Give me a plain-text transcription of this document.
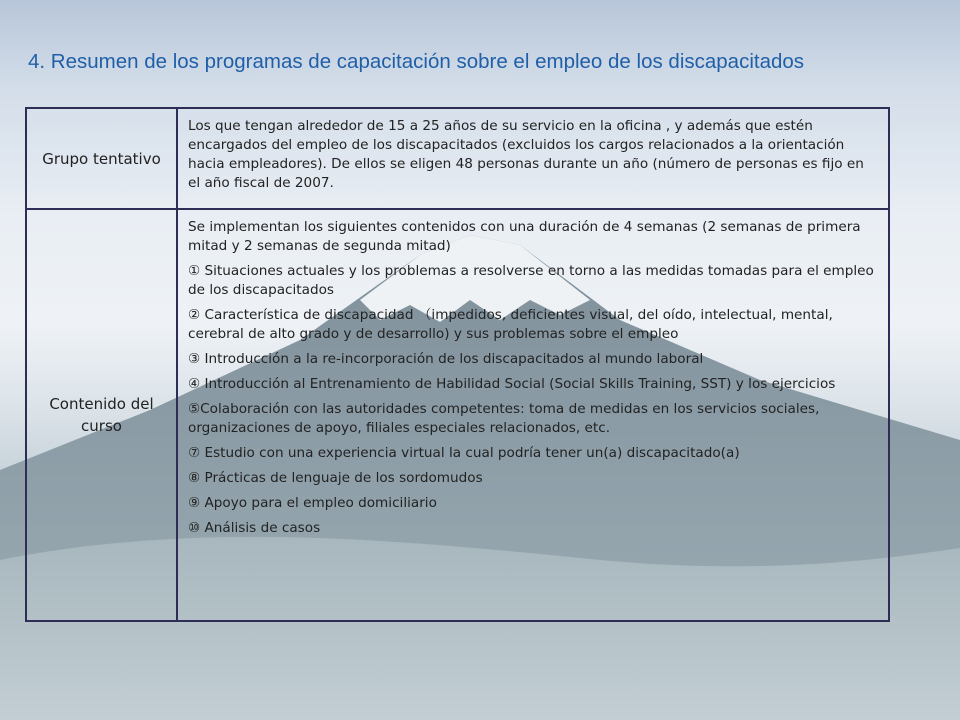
4. Resumen de los programas de capacitación sobre el empleo de los discapacitados
Grupo tentativo

Los que tengan alrededor de 15 a 25 años de su servicio en la oficina , y además que estén encargados del empleo de los discapacitados (excluidos los cargos relacionados a la orientación hacia empleadores). De ellos se eligen 48 personas durante un año (número de personas es fijo en el año fiscal de 2007.

Contenido del curso

Se implementan los siguientes contenidos con una duración de 4 semanas (2 semanas de primera mitad y 2 semanas de segunda mitad)

① Situaciones actuales y los problemas a resolverse en torno a las medidas tomadas para el empleo de los discapacitados

② Característica de discapacidad （impedidos, deficientes visual, del oído, intelectual, mental, cerebral de alto grado y de desarrollo) y sus problemas sobre el empleo

③ Introducción a la re-incorporación de los discapacitados al mundo laboral

④ Introducción al Entrenamiento de Habilidad Social (Social Skills Training, SST) y los ejercicios

⑤Colaboración con las autoridades competentes: toma de medidas en los servicios sociales, organizaciones de apoyo, filiales especiales relacionados, etc.

⑦ Estudio con una experiencia virtual la cual podría tener un(a) discapacitado(a)

⑧ Prácticas de lenguaje de los sordomudos

⑨ Apoyo para el empleo domiciliario

⑩ Análisis de casos
